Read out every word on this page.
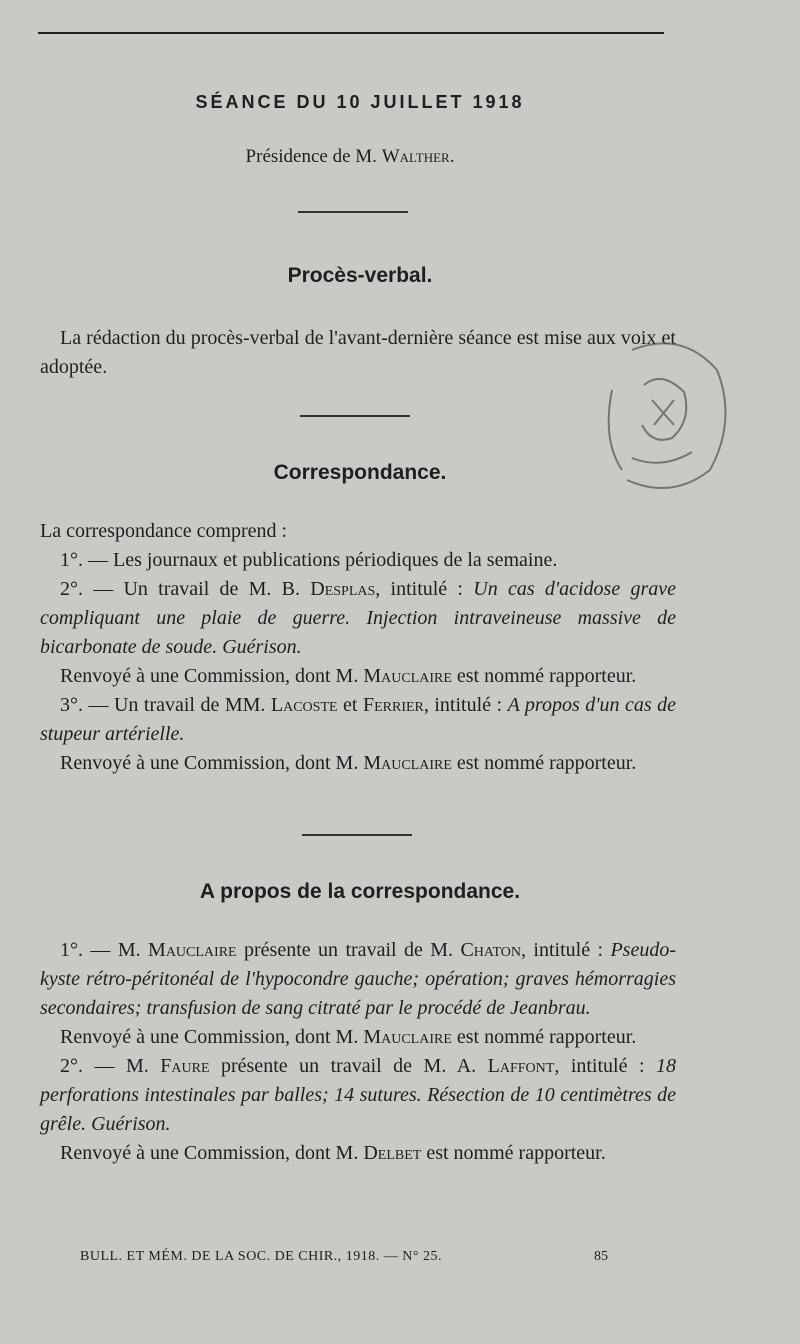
SÉANCE DU 10 JUILLET 1918
Présidence de M. Walther.
Procès-verbal.
La rédaction du procès-verbal de l'avant-dernière séance est mise aux voix et adoptée.
Correspondance.
La correspondance comprend :
1°. — Les journaux et publications périodiques de la semaine.
2°. — Un travail de M. B. Desplas, intitulé : Un cas d'acidose grave compliquant une plaie de guerre. Injection intraveineuse massive de bicarbonate de soude. Guérison.
Renvoyé à une Commission, dont M. Mauclaire est nommé rapporteur.
3°. — Un travail de MM. Lacoste et Ferrier, intitulé : A propos d'un cas de stupeur artérielle.
Renvoyé à une Commission, dont M. Mauclaire est nommé rapporteur.
A propos de la correspondance.
1°. — M. Mauclaire présente un travail de M. Chaton, intitulé : Pseudo-kyste rétro-péritonéal de l'hypocondre gauche; opération; graves hémorragies secondaires; transfusion de sang citraté par le procédé de Jeanbrau.
Renvoyé à une Commission, dont M. Mauclaire est nommé rapporteur.
2°. — M. Faure présente un travail de M. A. Laffont, intitulé : 18 perforations intestinales par balles; 14 sutures. Résection de 10 centimètres de grêle. Guérison.
Renvoyé à une Commission, dont M. Delbet est nommé rapporteur.
BULL. ET MÉM. DE LA SOC. DE CHIR., 1918. — N° 25.	85
